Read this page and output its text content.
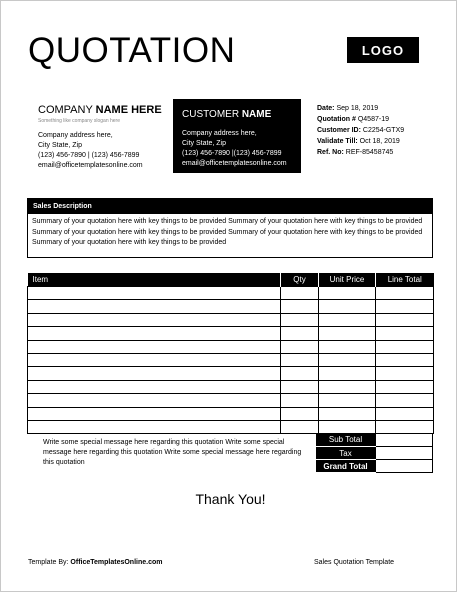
QUOTATION	LOGO
COMPANY NAME HERE
Something like company slogan here
Company address here,
City State, Zip
(123) 456-7890 | (123) 456-7899
email@officetemplatesonline.com
CUSTOMER NAME
Company address here,
City State, Zip
(123) 456-7890 |(123) 456-7899
email@officetemplatesonline.com
Date: Sep 18, 2019
Quotation # Q4587-19
Customer ID: C2254-GTX9
Validate Till: Oct 18, 2019
Ref. No: REF-85458745
Sales Description
Summary of your quotation here with key things to be provided Summary of your quotation here with key things to be provided Summary of your quotation here with key things to be provided Summary of your quotation here with key things to be provided Summary of your quotation here with key things to be provided
Item	Qty	Unit Price	Line Total

Write some special message here regarding this quotation Write some special message here regarding this quotation Write some special message here regarding this quotation
Sub Total	
Tax	
Grand Total	
Thank You!
Template By: OfficeTemplatesOnline.com	Sales Quotation Template
